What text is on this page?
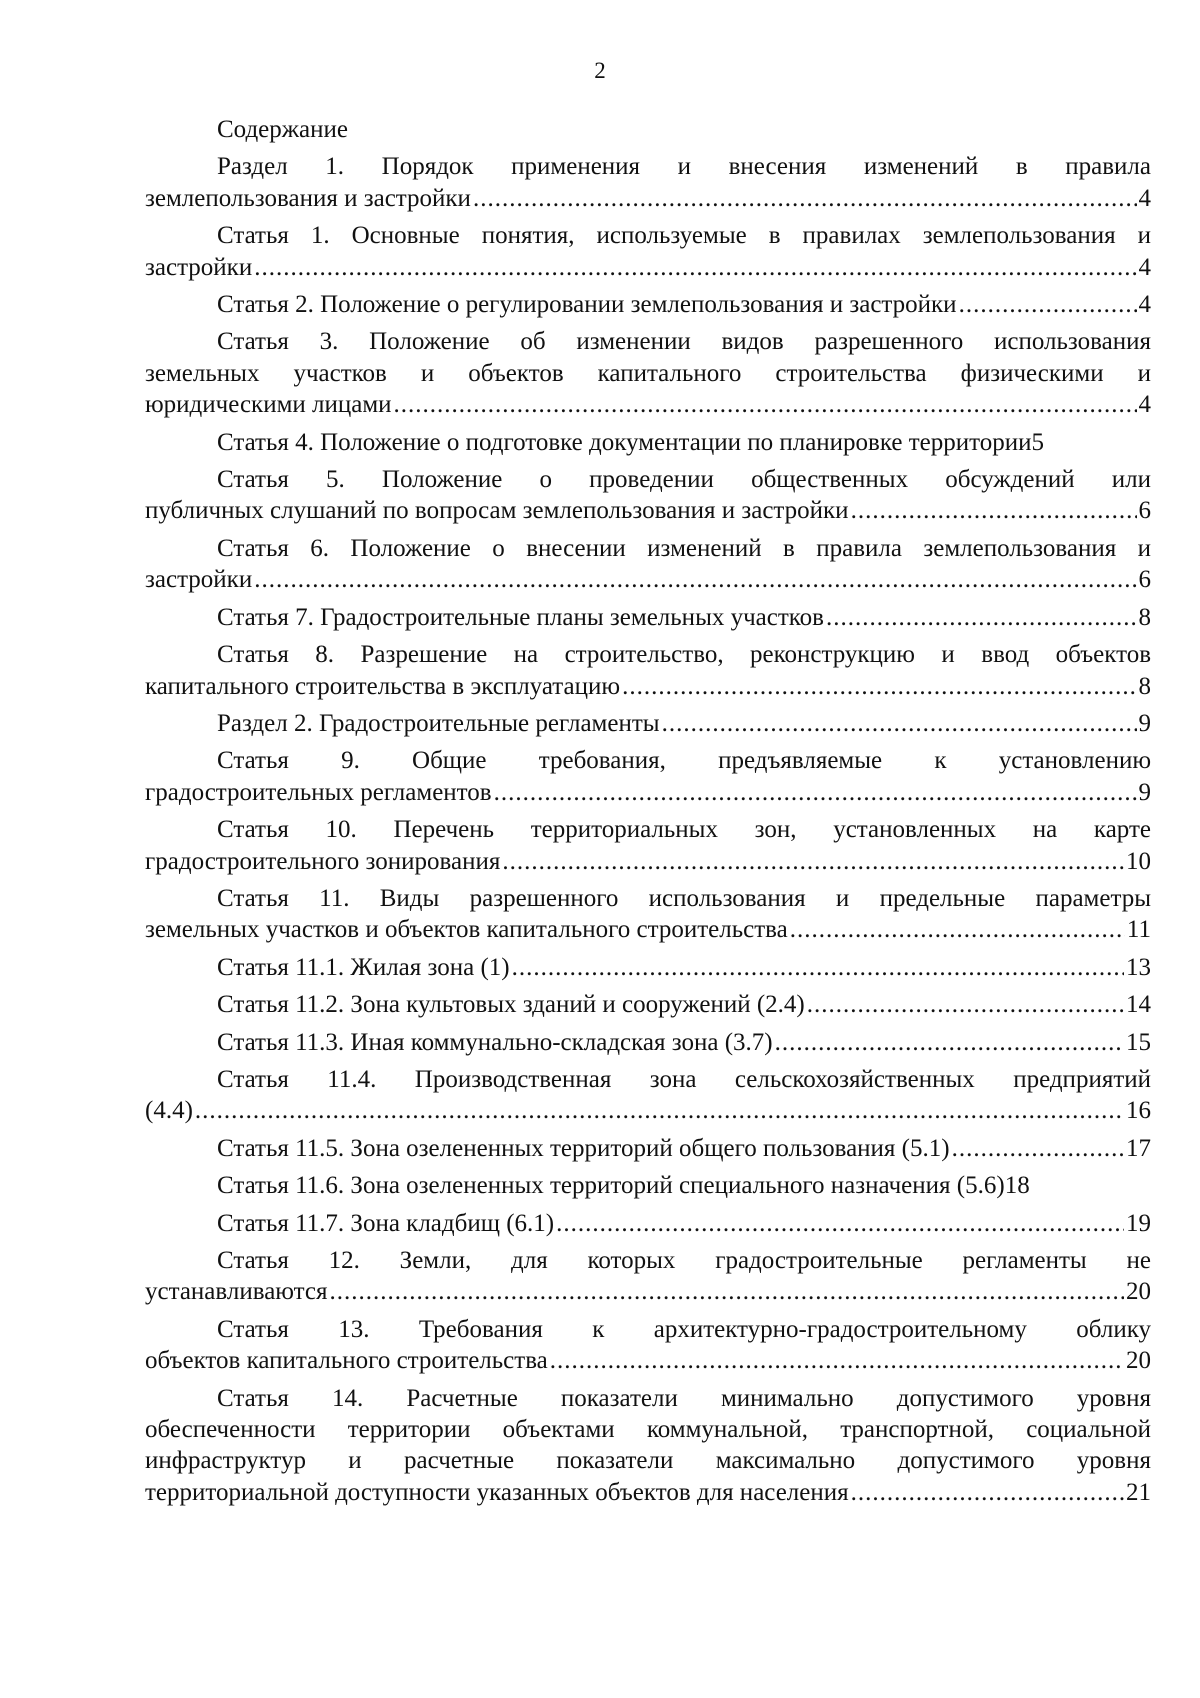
2
Содержание
Раздел 1. Порядок применения и внесения изменений в правила
землепользования и застройки .....	4
Статья 1. Основные понятия, используемые в правилах землепользования и
застройки .....	4
Статья 2. Положение о регулировании землепользования и застройки .....	4
Статья 3. Положение об изменении видов разрешенного использования
земельных участков и объектов капитального строительства физическими и
юридическими лицами .....	4
Статья 4. Положение о подготовке документации по планировке территории 5
Статья 5. Положение о проведении общественных обсуждений или
публичных слушаний по вопросам землепользования и застройки .....	6
Статья 6. Положение о внесении изменений в правила землепользования и
застройки .....	6
Статья 7. Градостроительные планы земельных участков .....	8
Статья 8. Разрешение на строительство, реконструкцию и ввод объектов
капитального строительства в эксплуатацию .....	8
Раздел 2. Градостроительные регламенты .....	9
Статья 9. Общие требования, предъявляемые к установлению
градостроительных регламентов .....	9
Статья 10. Перечень территориальных зон, установленных на карте
градостроительного зонирования .....	10
Статья 11. Виды разрешенного использования и предельные параметры
земельных участков и объектов капитального строительства .....	11
Статья 11.1. Жилая зона (1) .....	13
Статья 11.2. Зона культовых зданий и сооружений (2.4) .....	14
Статья 11.3. Иная коммунально-складская зона (3.7) .....	15
Статья 11.4. Производственная зона сельскохозяйственных предприятий
(4.4) .....	16
Статья 11.5. Зона озелененных территорий общего пользования (5.1) .....	17
Статья 11.6. Зона озелененных территорий специального назначения (5.6) 18
Статья 11.7. Зона кладбищ (6.1) .....	19
Статья 12. Земли, для которых градостроительные регламенты не
устанавливаются .....	20
Статья 13. Требования к архитектурно-градостроительному облику
объектов капитального строительства .....	20
Статья 14. Расчетные показатели минимально допустимого уровня
обеспеченности территории объектами коммунальной, транспортной, социальной
инфраструктур и расчетные показатели максимально допустимого уровня
территориальной доступности указанных объектов для населения .....	21
